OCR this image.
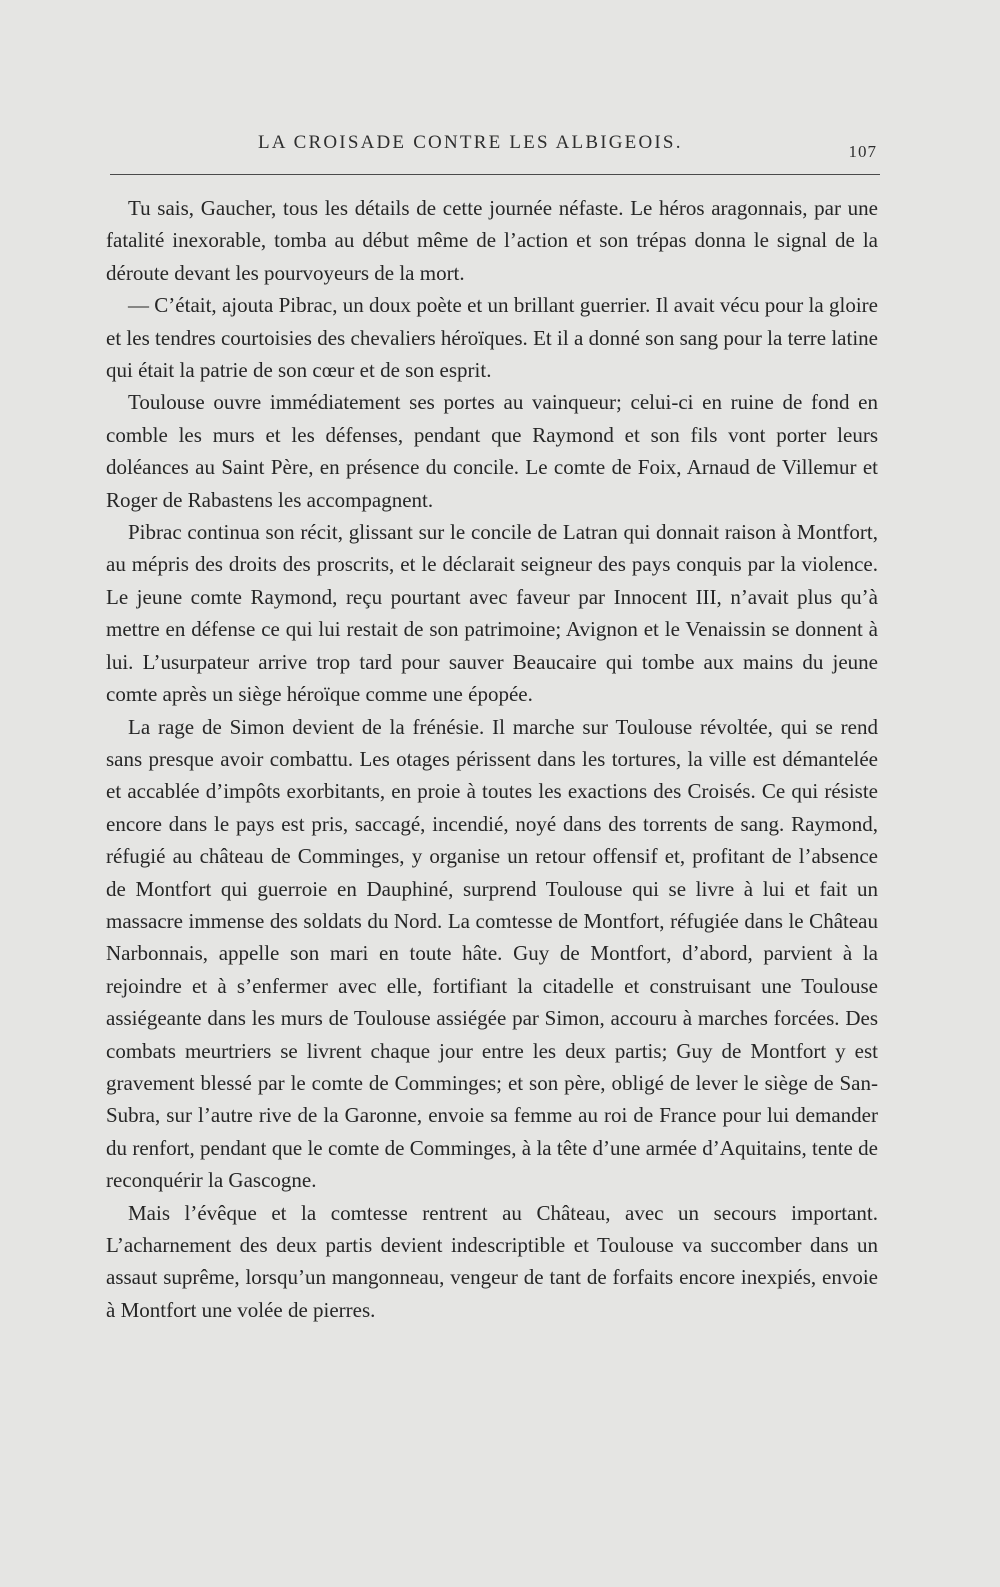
LA CROISADE CONTRE LES ALBIGEOIS.	107

Tu sais, Gaucher, tous les détails de cette journée néfaste. Le héros aragonnais, par une fatalité inexorable, tomba au début même de l’action et son trépas donna le signal de la déroute devant les pourvoyeurs de la mort.

— C’était, ajouta Pibrac, un doux poète et un brillant guerrier. Il avait vécu pour la gloire et les tendres courtoisies des chevaliers héroïques. Et il a donné son sang pour la terre latine qui était la patrie de son cœur et de son esprit.

Toulouse ouvre immédiatement ses portes au vainqueur; celui-ci en ruine de fond en comble les murs et les défenses, pendant que Raymond et son fils vont porter leurs doléances au Saint Père, en présence du concile. Le comte de Foix, Arnaud de Villemur et Roger de Rabastens les accompagnent.

Pibrac continua son récit, glissant sur le concile de Latran qui donnait raison à Montfort, au mépris des droits des proscrits, et le déclarait seigneur des pays conquis par la violence. Le jeune comte Raymond, reçu pourtant avec faveur par Innocent III, n’avait plus qu’à mettre en défense ce qui lui restait de son patrimoine; Avignon et le Venaissin se donnent à lui. L’usurpateur arrive trop tard pour sauver Beaucaire qui tombe aux mains du jeune comte après un siège héroïque comme une épopée.

La rage de Simon devient de la frénésie. Il marche sur Toulouse révoltée, qui se rend sans presque avoir combattu. Les otages périssent dans les tortures, la ville est démantelée et accablée d’impôts exorbitants, en proie à toutes les exactions des Croisés. Ce qui résiste encore dans le pays est pris, saccagé, incendié, noyé dans des torrents de sang. Raymond, réfugié au château de Comminges, y organise un retour offensif et, profitant de l’absence de Montfort qui guerroie en Dauphiné, surprend Toulouse qui se livre à lui et fait un massacre immense des soldats du Nord. La comtesse de Montfort, réfugiée dans le Château Narbonnais, appelle son mari en toute hâte. Guy de Montfort, d’abord, parvient à la rejoindre et à s’enfermer avec elle, fortifiant la citadelle et construisant une Toulouse assiégeante dans les murs de Toulouse assiégée par Simon, accouru à marches forcées. Des combats meurtriers se livrent chaque jour entre les deux partis; Guy de Montfort y est gravement blessé par le comte de Comminges; et son père, obligé de lever le siège de San-Subra, sur l’autre rive de la Garonne, envoie sa femme au roi de France pour lui demander du renfort, pendant que le comte de Comminges, à la tête d’une armée d’Aquitains, tente de reconquérir la Gascogne.

Mais l’évêque et la comtesse rentrent au Château, avec un secours important. L’acharnement des deux partis devient indescriptible et Toulouse va succomber dans un assaut suprême, lorsqu’un mangonneau, vengeur de tant de forfaits encore inexpiés, envoie à Montfort une volée de pierres.
